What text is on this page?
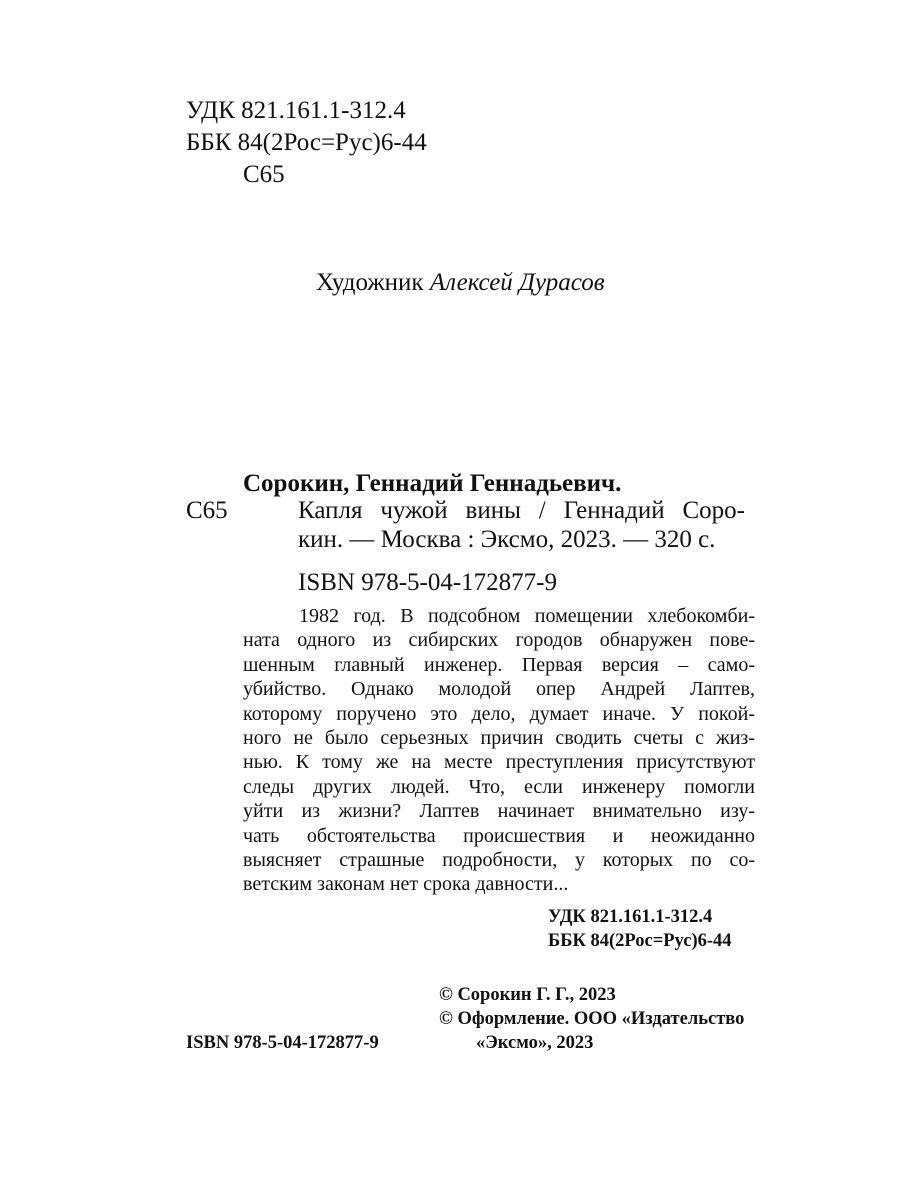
УДК 821.161.1-312.4
ББК 84(2Рос=Рус)6-44
С65
Художник Алексей Дурасов
Сорокин, Геннадий Геннадьевич.
С65	Капля чужой вины / Геннадий Соро-
кин. — Москва : Эксмо, 2023. — 320 с.
ISBN 978-5-04-172877-9
1982 год. В подсобном помещении хлебокомби-
ната одного из сибирских городов обнаружен пове-
шенным главный инженер. Первая версия – само-
убийство. Однако молодой опер Андрей Лаптев,
которому поручено это дело, думает иначе. У покой-
ного не было серьезных причин сводить счеты с жиз-
нью. К тому же на месте преступления присутствуют
следы других людей. Что, если инженеру помогли
уйти из жизни? Лаптев начинает внимательно изу-
чать обстоятельства происшествия и неожиданно
выясняет страшные подробности, у которых по со-
ветским законам нет срока давности...
УДК 821.161.1-312.4
ББК 84(2Рос=Рус)6-44
© Сорокин Г. Г., 2023
© Оформление. ООО «Издательство
«Эксмо», 2023
ISBN 978-5-04-172877-9
